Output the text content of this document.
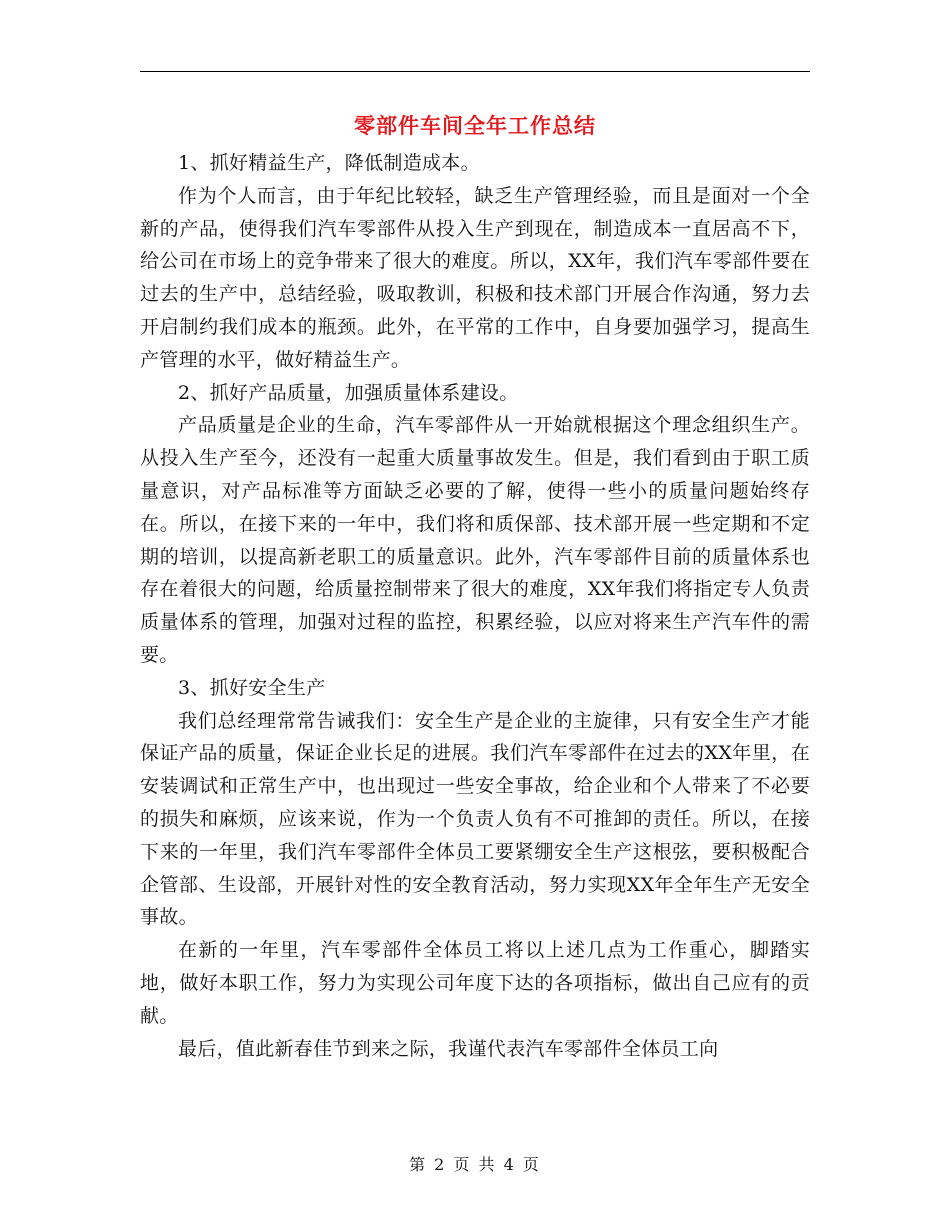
零部件车间全年工作总结

1、抓好精益生产，降低制造成本。

作为个人而言，由于年纪比较轻，缺乏生产管理经验，而且是面对一个全新的产品，使得我们汽车零部件从投入生产到现在，制造成本一直居高不下，给公司在市场上的竞争带来了很大的难度。所以，XX年，我们汽车零部件要在过去的生产中，总结经验，吸取教训，积极和技术部门开展合作沟通，努力去开启制约我们成本的瓶颈。此外，在平常的工作中，自身要加强学习，提高生产管理的水平，做好精益生产。

2、抓好产品质量，加强质量体系建设。

产品质量是企业的生命，汽车零部件从一开始就根据这个理念组织生产。从投入生产至今，还没有一起重大质量事故发生。但是，我们看到由于职工质量意识，对产品标准等方面缺乏必要的了解，使得一些小的质量问题始终存在。所以，在接下来的一年中，我们将和质保部、技术部开展一些定期和不定期的培训，以提高新老职工的质量意识。此外，汽车零部件目前的质量体系也存在着很大的问题，给质量控制带来了很大的难度，XX年我们将指定专人负责质量体系的管理，加强对过程的监控，积累经验，以应对将来生产汽车件的需要。

3、抓好安全生产

我们总经理常常告诫我们：安全生产是企业的主旋律，只有安全生产才能保证产品的质量，保证企业长足的进展。我们汽车零部件在过去的XX年里，在安装调试和正常生产中，也出现过一些安全事故，给企业和个人带来了不必要的损失和麻烦，应该来说，作为一个负责人负有不可推卸的责任。所以，在接下来的一年里，我们汽车零部件全体员工要紧绷安全生产这根弦，要积极配合企管部、生设部，开展针对性的安全教育活动，努力实现XX年全年生产无安全事故。

在新的一年里，汽车零部件全体员工将以上述几点为工作重心，脚踏实地，做好本职工作，努力为实现公司年度下达的各项指标，做出自己应有的贡献。

最后，值此新春佳节到来之际，我谨代表汽车零部件全体员工向

第 2 页 共 4 页
